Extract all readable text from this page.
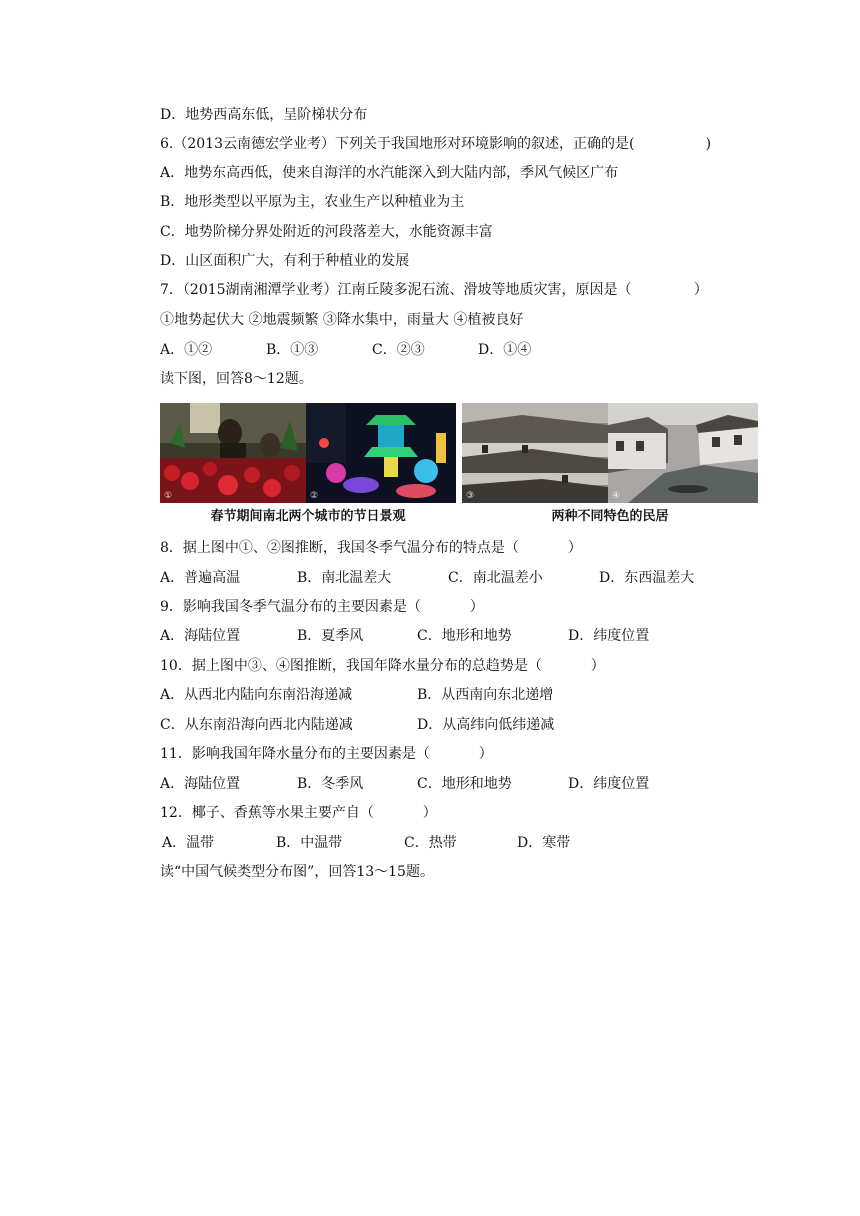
D．地势西高东低，呈阶梯状分布
6.（2013云南德宏学业考）下列关于我国地形对环境影响的叙述，正确的是(                )
A．地势东高西低，使来自海洋的水汽能深入到大陆内部，季风气候区广布
B．地形类型以平原为主，农业生产以种植业为主
C．地势阶梯分界处附近的河段落差大，水能资源丰富
D．山区面积广大，有利于种植业的发展
7．（2015湖南湘潭学业考）江南丘陵多泥石流、滑坡等地质灾害，原因是（              ）
①地势起伏大 ②地震频繁 ③降水集中，雨量大 ④植被良好
A．①②	B．①③	C．②③	D．①④
读下图，回答8～12题。
①	②	③	④
春节期间南北两个城市的节日景观	两种不同特色的民居
8．据上图中①、②图推断，我国冬季气温分布的特点是（           ）
A．普遍高温	B．南北温差大	C．南北温差小	D．东西温差大
9．影响我国冬季气温分布的主要因素是（           ）
A．海陆位置	B．夏季风	C．地形和地势	D．纬度位置
10．据上图中③、④图推断，我国年降水量分布的总趋势是（           ）
A．从西北内陆向东南沿海递减	B．从西南向东北递增
C．从东南沿海向西北内陆递减	D．从高纬向低纬递减
11．影响我国年降水量分布的主要因素是（           ）
A．海陆位置	B．冬季风	C．地形和地势	D．纬度位置
12．椰子、香蕉等水果主要产自（           ）
A．温带	B．中温带	C．热带	D．寒带
读“中国气候类型分布图”，回答13～15题。
